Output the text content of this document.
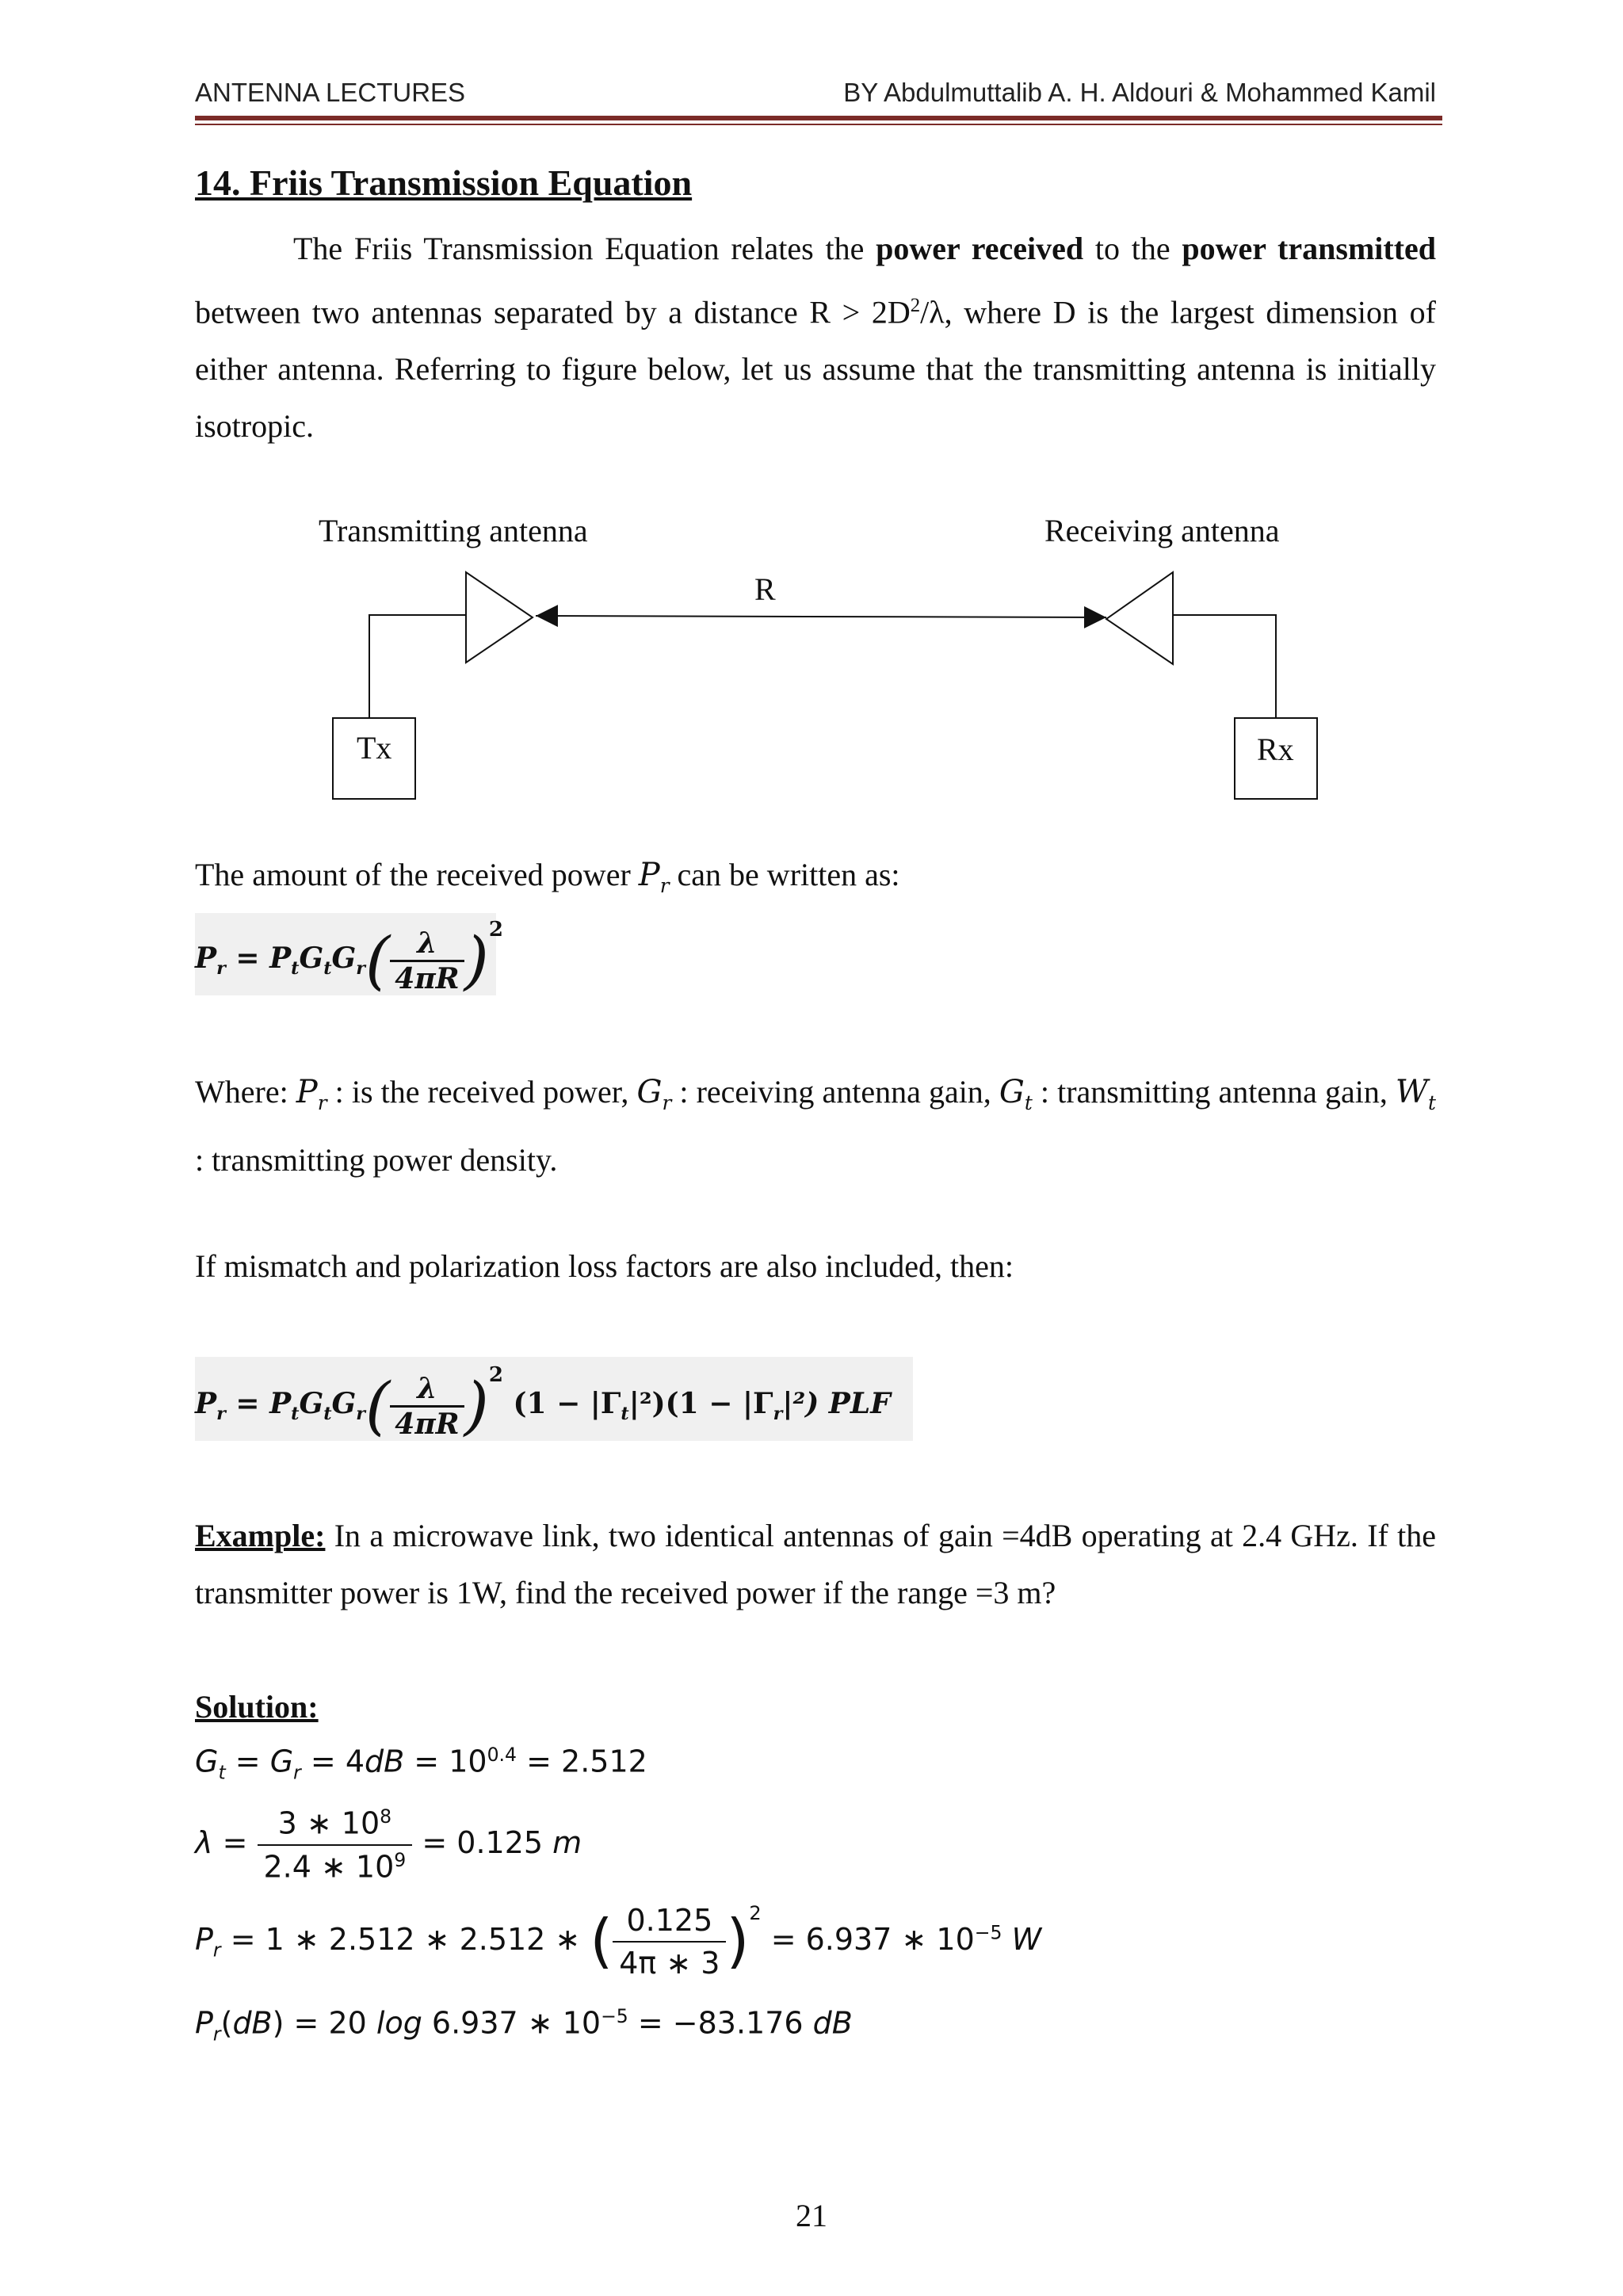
ANTENNA LECTURES	BY Abdulmuttalib A. H. Aldouri & Mohammed Kamil
14. Friis Transmission Equation
The Friis Transmission Equation relates the power received to the power transmitted between two antennas separated by a distance $R > 2D^2/\lambda$, where D is the largest dimension of either antenna. Referring to figure below, let us assume that the transmitting antenna is initially isotropic.
Transmitting antenna	Receiving antenna
R
Tx	Rx
The amount of the received power $P_r$ can be written as:
$P_r = P_tG_tG_r( \frac{\lambda}{4\pi R} )^2$
Where: $P_r$ : is the received power, $G_r$ : receiving antenna gain, $G_t$ : transmitting antenna gain, $W_t$ : transmitting power density.
If mismatch and polarization loss factors are also included, then:
$P_r = P_tG_tG_r( \frac{\lambda}{4\pi R} )^2$ $(1 - |\Gamma_t|^2)(1 - |\Gamma_r|^2)$ PLF
Example: In a microwave link, two identical antennas of gain =4dB operating at 2.4 GHz. If the transmitter power is 1W, find the received power if the range =3 m?
Solution:
$G_t = G_r = 4dB = 10^{0.4} = 2.512$
$\lambda = \frac{3 ∗ 10^8}{2.4 ∗ 10^9} = 0.125$ m
$P_r = 1$ ∗ 2.512 ∗ 2.512 ∗ ( $\frac{0.125}{4\pi ∗ 3} )^2 = 6.937$ ∗ $10^{-5}$ W
$P_r(dB) = 20$ log 6.937 ∗ $10^{-5} = -83.176$ dB
21
